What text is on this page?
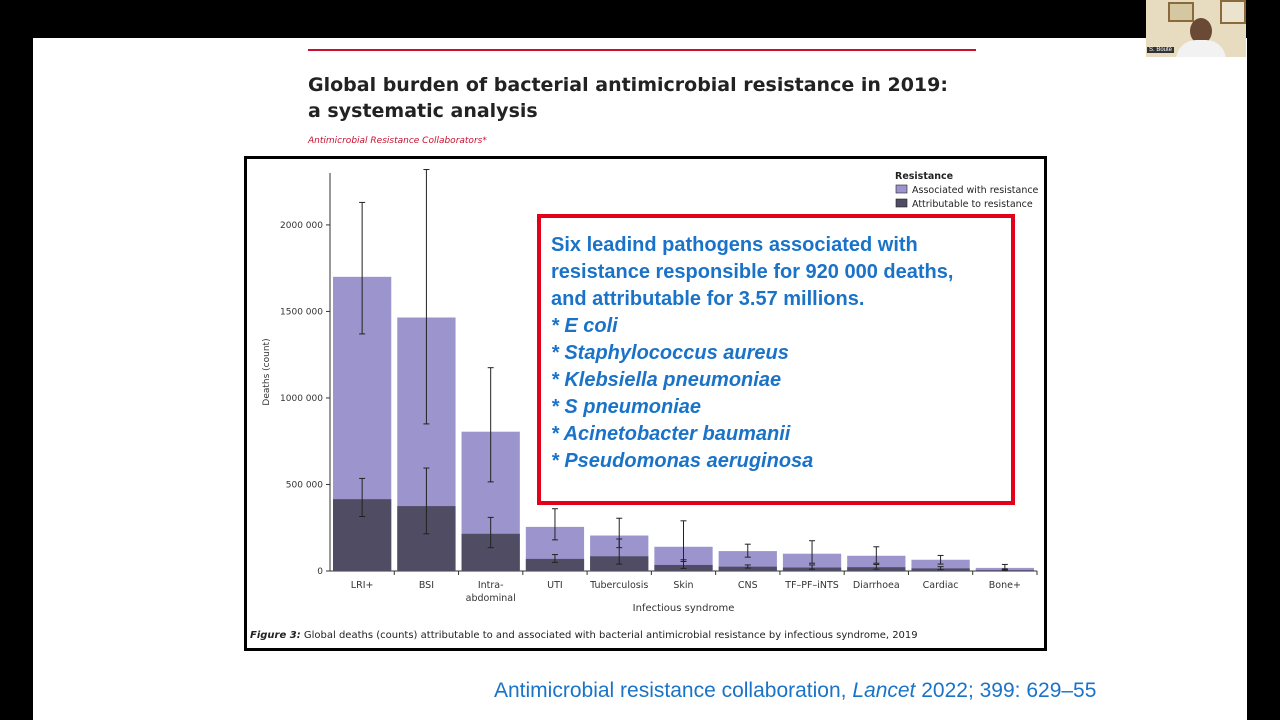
S. Bouté
Global burden of bacterial antimicrobial resistance in 2019:
a systematic analysis
Antimicrobial Resistance Collaborators*
0
500 000
1000 000
1500 000
2000 000
Deaths (count)
LRI+	BSI	Intra-
abdominal
UTI	Tuberculosis	Skin	CNS	TF–PF–iNTS Diarrhoea Cardiac	Bone+
Infectious syndrome
Resistance
Associated with resistance
Attributable to resistance
Figure 3: Global deaths (counts) attributable to and associated with bacterial antimicrobial resistance by infectious syndrome, 2019
Six leadind pathogens associated with
resistance responsible for 920 000 deaths,
and attributable for 3.57 millions.
* E coli
* Staphylococcus aureus
* Klebsiella pneumoniae
* S pneumoniae
* Acinetobacter baumanii
* Pseudomonas aeruginosa
Antimicrobial resistance collaboration, Lancet 2022; 399: 629–55
